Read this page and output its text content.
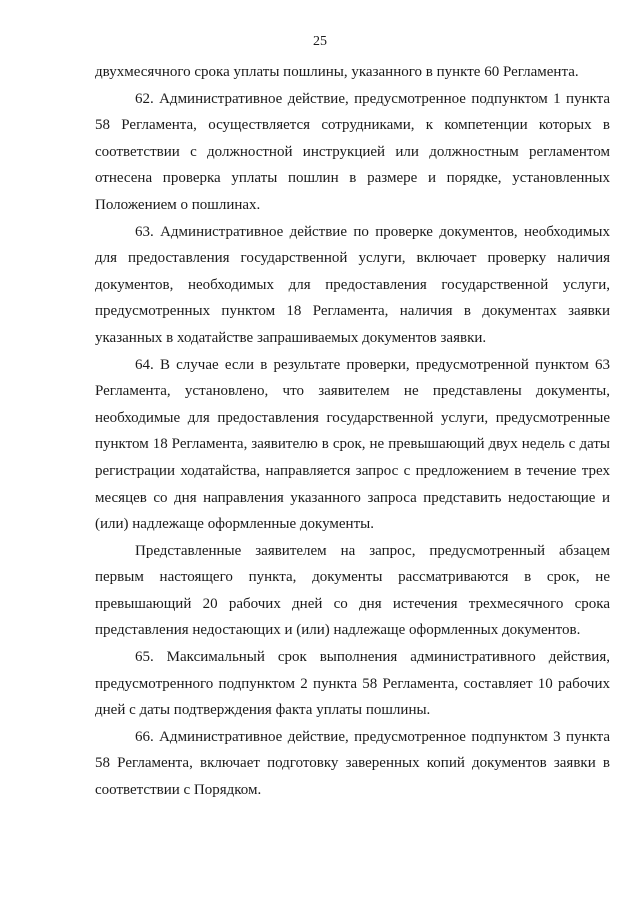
25

двухмесячного срока уплаты пошлины, указанного в пункте 60 Регламента.

62. Административное действие, предусмотренное подпунктом 1 пункта 58 Регламента, осуществляется сотрудниками, к компетенции которых в соответствии с должностной инструкцией или должностным регламентом отнесена проверка уплаты пошлин в размере и порядке, установленных Положением о пошлинах.

63. Административное действие по проверке документов, необходимых для предоставления государственной услуги, включает проверку наличия документов, необходимых для предоставления государственной услуги, предусмотренных пунктом 18 Регламента, наличия в документах заявки указанных в ходатайстве запрашиваемых документов заявки.

64. В случае если в результате проверки, предусмотренной пунктом 63 Регламента, установлено, что заявителем не представлены документы, необходимые для предоставления государственной услуги, предусмотренные пунктом 18 Регламента, заявителю в срок, не превышающий двух недель с даты регистрации ходатайства, направляется запрос с предложением в течение трех месяцев со дня направления указанного запроса представить недостающие и (или) надлежаще оформленные документы.

Представленные заявителем на запрос, предусмотренный абзацем первым настоящего пункта, документы рассматриваются в срок, не превышающий 20 рабочих дней со дня истечения трехмесячного срока представления недостающих и (или) надлежаще оформленных документов.

65. Максимальный срок выполнения административного действия, предусмотренного подпунктом 2 пункта 58 Регламента, составляет 10 рабочих дней с даты подтверждения факта уплаты пошлины.

66. Административное действие, предусмотренное подпунктом 3 пункта 58 Регламента, включает подготовку заверенных копий документов заявки в соответствии с Порядком.
